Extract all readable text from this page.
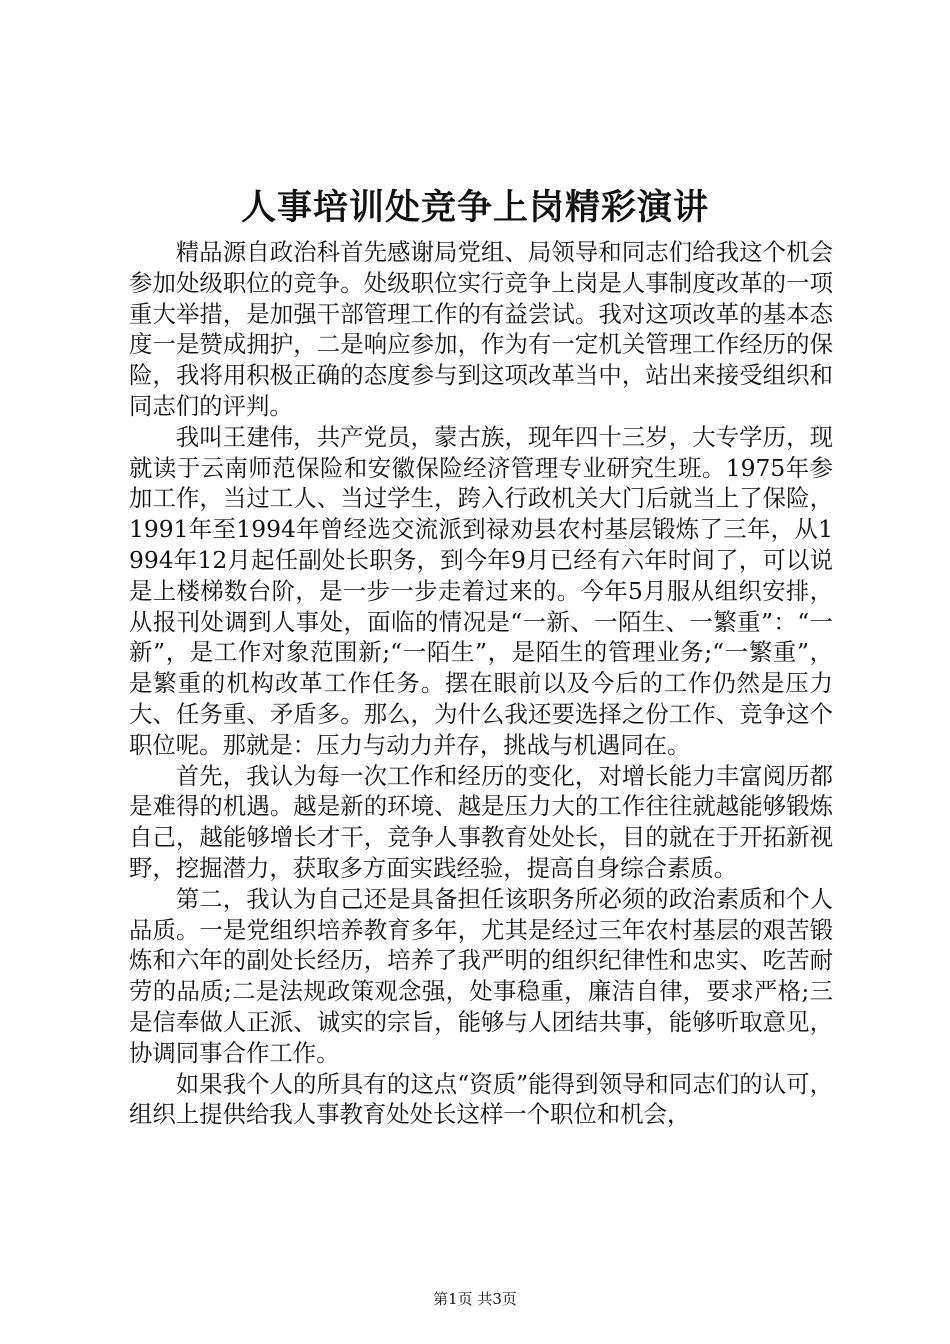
人事培训处竞争上岗精彩演讲

精品源自政治科首先感谢局党组、局领导和同志们给我这个机会参加处级职位的竞争。处级职位实行竞争上岗是人事制度改革的一项重大举措，是加强干部管理工作的有益尝试。我对这项改革的基本态度一是赞成拥护，二是响应参加，作为有一定机关管理工作经历的保险，我将用积极正确的态度参与到这项改革当中，站出来接受组织和同志们的评判。

我叫王建伟，共产党员，蒙古族，现年四十三岁，大专学历，现就读于云南师范保险和安徽保险经济管理专业研究生班。1975年参加工作，当过工人、当过学生，跨入行政机关大门后就当上了保险，1991年至1994年曾经选交流派到禄劝县农村基层锻炼了三年，从1994年12月起任副处长职务，到今年9月已经有六年时间了，可以说是上楼梯数台阶，是一步一步走着过来的。今年5月服从组织安排，从报刊处调到人事处，面临的情况是“一新、一陌生、一繁重”：“一新”，是工作对象范围新;“一陌生”，是陌生的管理业务;“一繁重”，是繁重的机构改革工作任务。摆在眼前以及今后的工作仍然是压力大、任务重、矛盾多。那么，为什么我还要选择之份工作、竞争这个职位呢。那就是：压力与动力并存，挑战与机遇同在。

首先，我认为每一次工作和经历的变化，对增长能力丰富阅历都是难得的机遇。越是新的环境、越是压力大的工作往往就越能够锻炼自己，越能够增长才干，竞争人事教育处处长，目的就在于开拓新视野，挖掘潜力，获取多方面实践经验，提高自身综合素质。

第二，我认为自己还是具备担任该职务所必须的政治素质和个人品质。一是党组织培养教育多年，尤其是经过三年农村基层的艰苦锻炼和六年的副处长经历，培养了我严明的组织纪律性和忠实、吃苦耐劳的品质;二是法规政策观念强，处事稳重，廉洁自律，要求严格;三是信奉做人正派、诚实的宗旨，能够与人团结共事，能够听取意见，协调同事合作工作。

如果我个人的所具有的这点“资质”能得到领导和同志们的认可，组织上提供给我人事教育处处长这样一个职位和机会，

第1页 共3页
